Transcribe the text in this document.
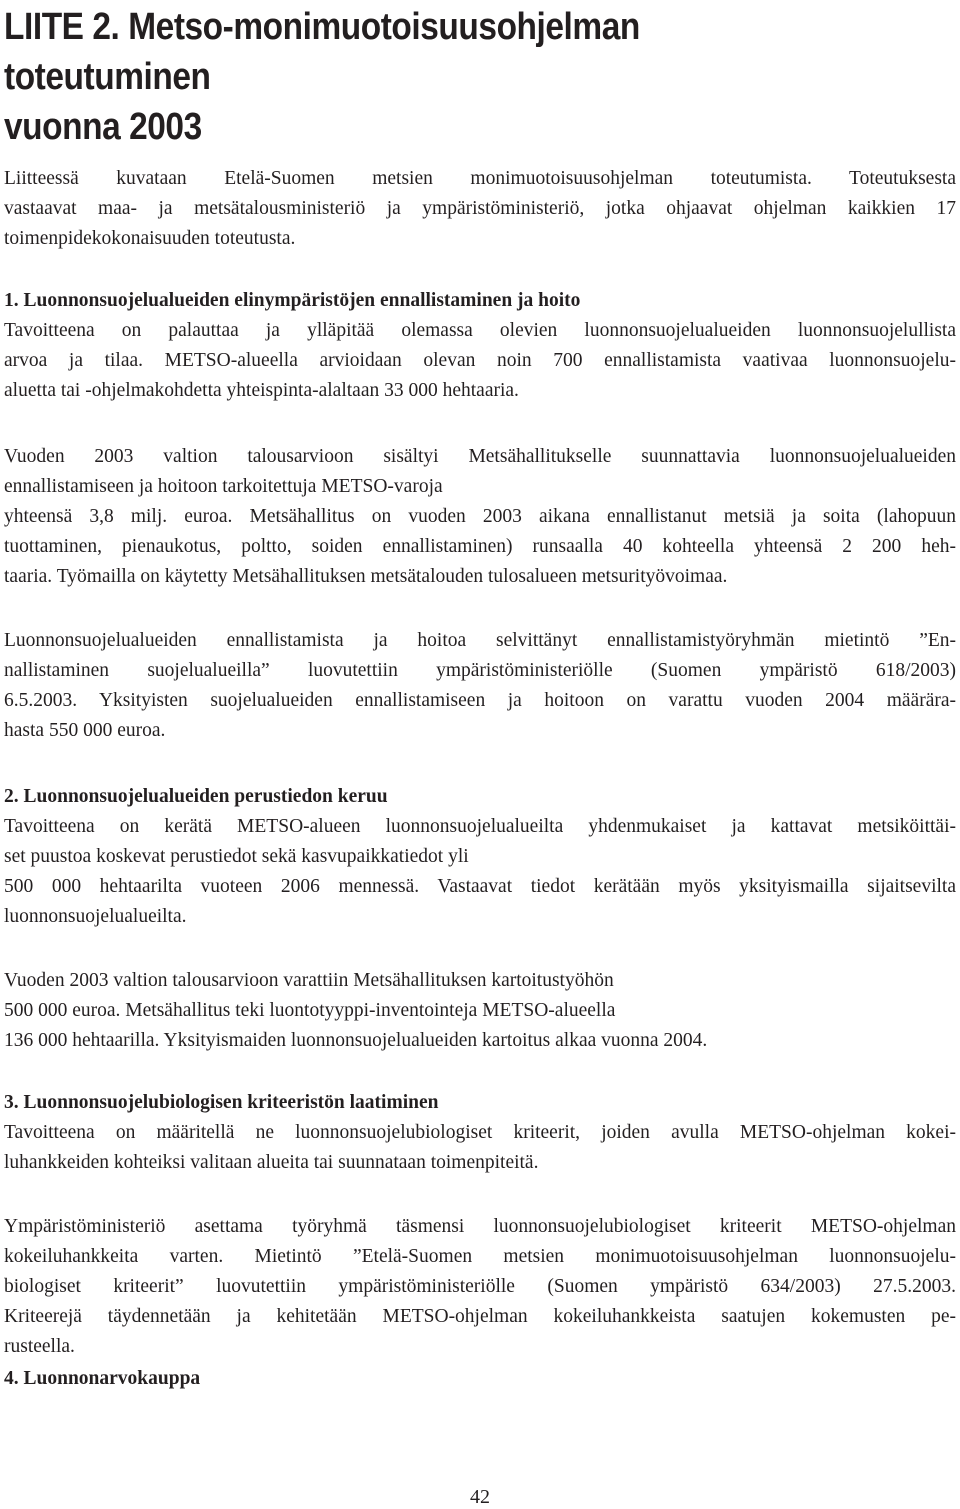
LIITE 2. Metso-monimuotoisuusohjelman toteutuminen
vuonna 2003
Liitteessä kuvataan Etelä-Suomen metsien monimuotoisuusohjelman toteutumista. Toteutuksesta
vastaavat maa- ja metsätalousministeriö ja ympäristöministeriö, jotka ohjaavat ohjelman kaikkien 17
toimenpidekokonaisuuden toteutusta.
1. Luonnonsuojelualueiden elinympäristöjen ennallistaminen ja hoito
Tavoitteena on palauttaa ja ylläpitää olemassa olevien luonnonsuojelualueiden luonnonsuojelullista
arvoa ja tilaa. METSO-alueella arvioidaan olevan noin 700 ennallistamista vaativaa luonnonsuojelu-
aluetta tai -ohjelmakohdetta yhteispinta-alaltaan 33 000 hehtaaria.
Vuoden 2003 valtion talousarvioon sisältyi Metsähallitukselle suunnattavia luonnonsuojelualueiden
ennallistamiseen ja hoitoon tarkoitettuja METSO-varoja
yhteensä 3,8 milj. euroa. Metsähallitus on vuoden 2003 aikana ennallistanut metsiä ja soita (lahopuun
tuottaminen, pienaukotus, poltto, soiden ennallistaminen) runsaalla 40 kohteella yhteensä 2 200 heh-
taaria. Työmailla on käytetty Metsähallituksen metsätalouden tulosalueen metsurityövoimaa.
Luonnonsuojelualueiden ennallistamista ja hoitoa selvittänyt ennallistamistyöryhmän mietintö ”En-
nallistaminen suojelualueilla” luovutettiin ympäristöministeriölle (Suomen ympäristö 618/2003)
6.5.2003. Yksityisten suojelualueiden ennallistamiseen ja hoitoon on varattu vuoden 2004 määrära-
hasta 550 000 euroa.
2. Luonnonsuojelualueiden perustiedon keruu
Tavoitteena on kerätä METSO-alueen luonnonsuojelualueilta yhdenmukaiset ja kattavat metsiköittäi-
set puustoa koskevat perustiedot sekä kasvupaikkatiedot yli
500 000 hehtaarilta vuoteen 2006 mennessä. Vastaavat tiedot kerätään myös yksityismailla sijaitsevilta
luonnonsuojelualueilta.
Vuoden 2003 valtion talousarvioon varattiin Metsähallituksen kartoitustyöhön
500 000 euroa. Metsähallitus teki luontotyyppi-inventointeja METSO-alueella
136 000 hehtaarilla. Yksityismaiden luonnonsuojelualueiden kartoitus alkaa vuonna 2004.
3. Luonnonsuojelubiologisen kriteeristön laatiminen
Tavoitteena on määritellä ne luonnonsuojelubiologiset kriteerit, joiden avulla METSO-ohjelman kokei-
luhankkeiden kohteiksi valitaan alueita tai suunnataan toimenpiteitä.
Ympäristöministeriö asettama työryhmä täsmensi luonnonsuojelubiologiset kriteerit METSO-ohjelman
kokeiluhankkeita varten. Mietintö ”Etelä-Suomen metsien monimuotoisuusohjelman luonnonsuojelu-
biologiset kriteerit” luovutettiin ympäristöministeriölle (Suomen ympäristö 634/2003) 27.5.2003.
Kriteerejä täydennetään ja kehitetään METSO-ohjelman kokeiluhankkeista saatujen kokemusten pe-
rusteella.
4. Luonnonarvokauppa
42
